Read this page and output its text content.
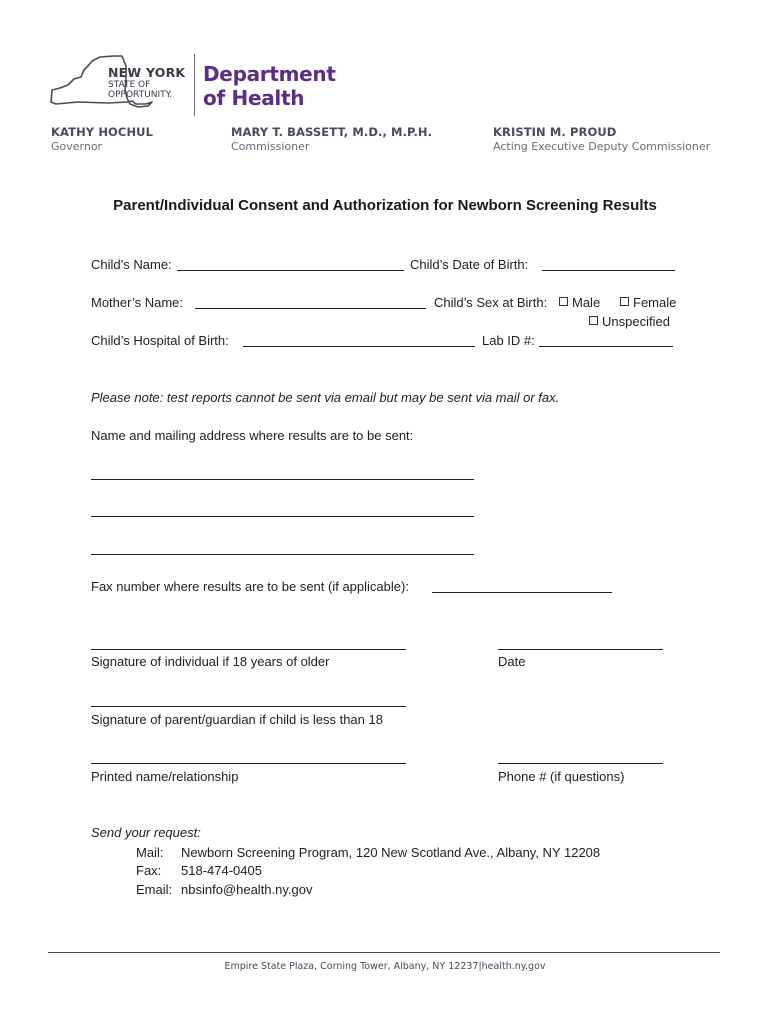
NEW YORK
STATE OF
OPPORTUNITY.
Department
of Health
KATHY HOCHUL
Governor
MARY T. BASSETT, M.D., M.P.H.
Commissioner
KRISTIN M. PROUD
Acting Executive Deputy Commissioner
Parent/Individual Consent and Authorization for Newborn Screening Results
Child’s Name:	Child’s Date of Birth:
Mother’s Name:	Child’s Sex at Birth:	Male	Female
Unspecified
Child’s Hospital of Birth:	Lab ID #:
Please note: test reports cannot be sent via email but may be sent via mail or fax.
Name and mailing address where results are to be sent:
Fax number where results are to be sent (if applicable):
Signature of individual if 18 years of older	Date
Signature of parent/guardian if child is less than 18
Printed name/relationship	Phone # (if questions)
Send your request:
Mail: Newborn Screening Program, 120 New Scotland Ave., Albany, NY 12208
Fax: 518-474-0405
Email: nbsinfo@health.ny.gov
Empire State Plaza, Corning Tower, Albany, NY 12237|health.ny.gov
